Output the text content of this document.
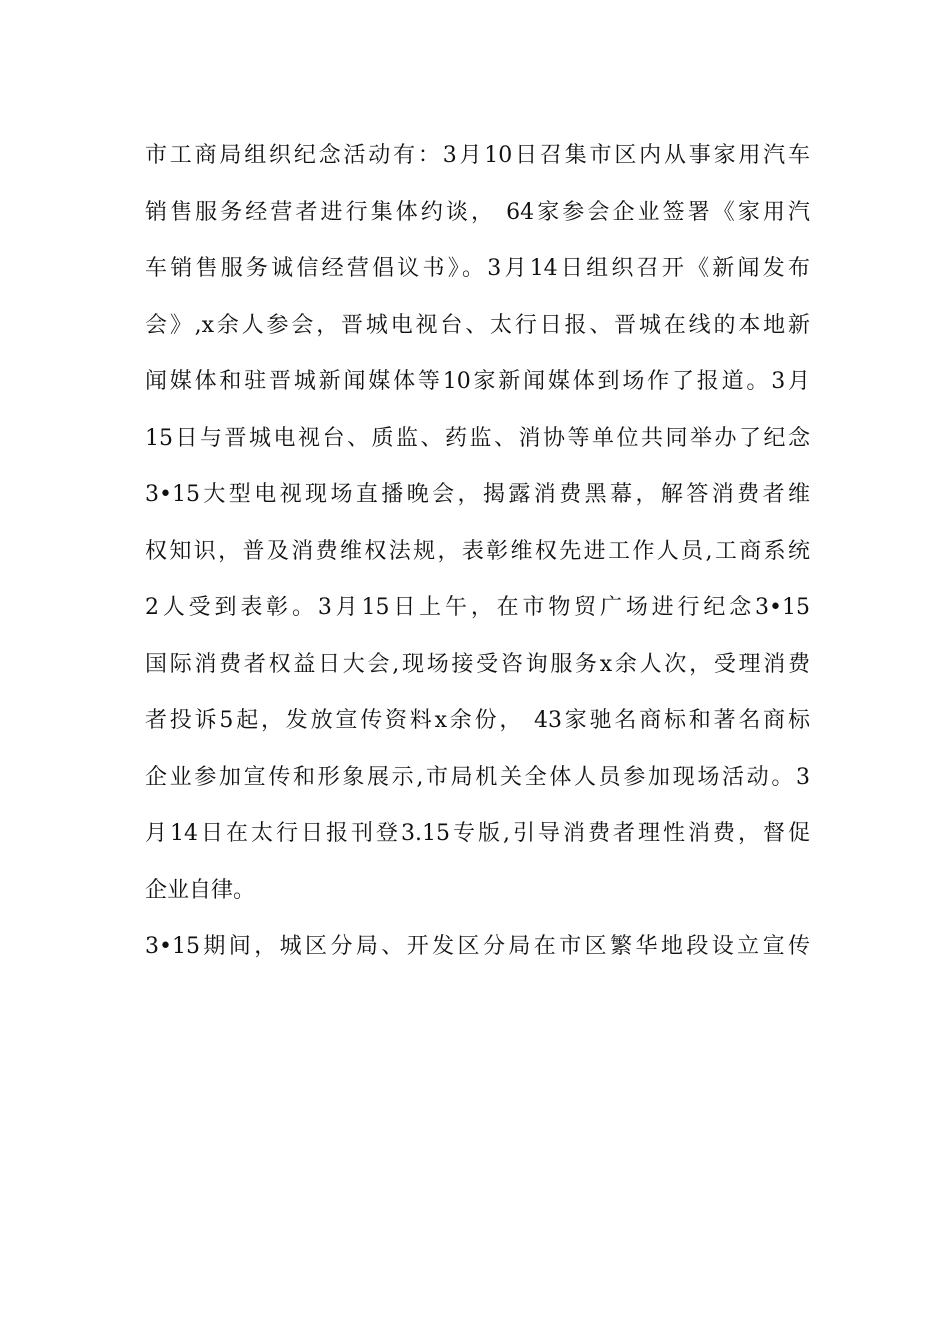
市工商局组织纪念活动有：3月10日召集市区内从事家用汽车
销售服务经营者进行集体约谈， 64家参会企业签署《家用汽
车销售服务诚信经营倡议书》。3月14日组织召开《新闻发布
会》,x余人参会，晋城电视台、太行日报、晋城在线的本地新
闻媒体和驻晋城新闻媒体等10家新闻媒体到场作了报道。3月
15日与晋城电视台、质监、药监、消协等单位共同举办了纪念
3•15大型电视现场直播晚会，揭露消费黑幕，解答消费者维
权知识，普及消费维权法规，表彰维权先进工作人员,工商系统
2人受到表彰。3月15日上午，在市物贸广场进行纪念3•15
国际消费者权益日大会,现场接受咨询服务x余人次，受理消费
者投诉5起，发放宣传资料x余份， 43家驰名商标和著名商标
企业参加宣传和形象展示,市局机关全体人员参加现场活动。3
月14日在太行日报刊登3.15专版,引导消费者理性消费，督促
企业自律。
3•15期间，城区分局、开发区分局在市区繁华地段设立宣传
